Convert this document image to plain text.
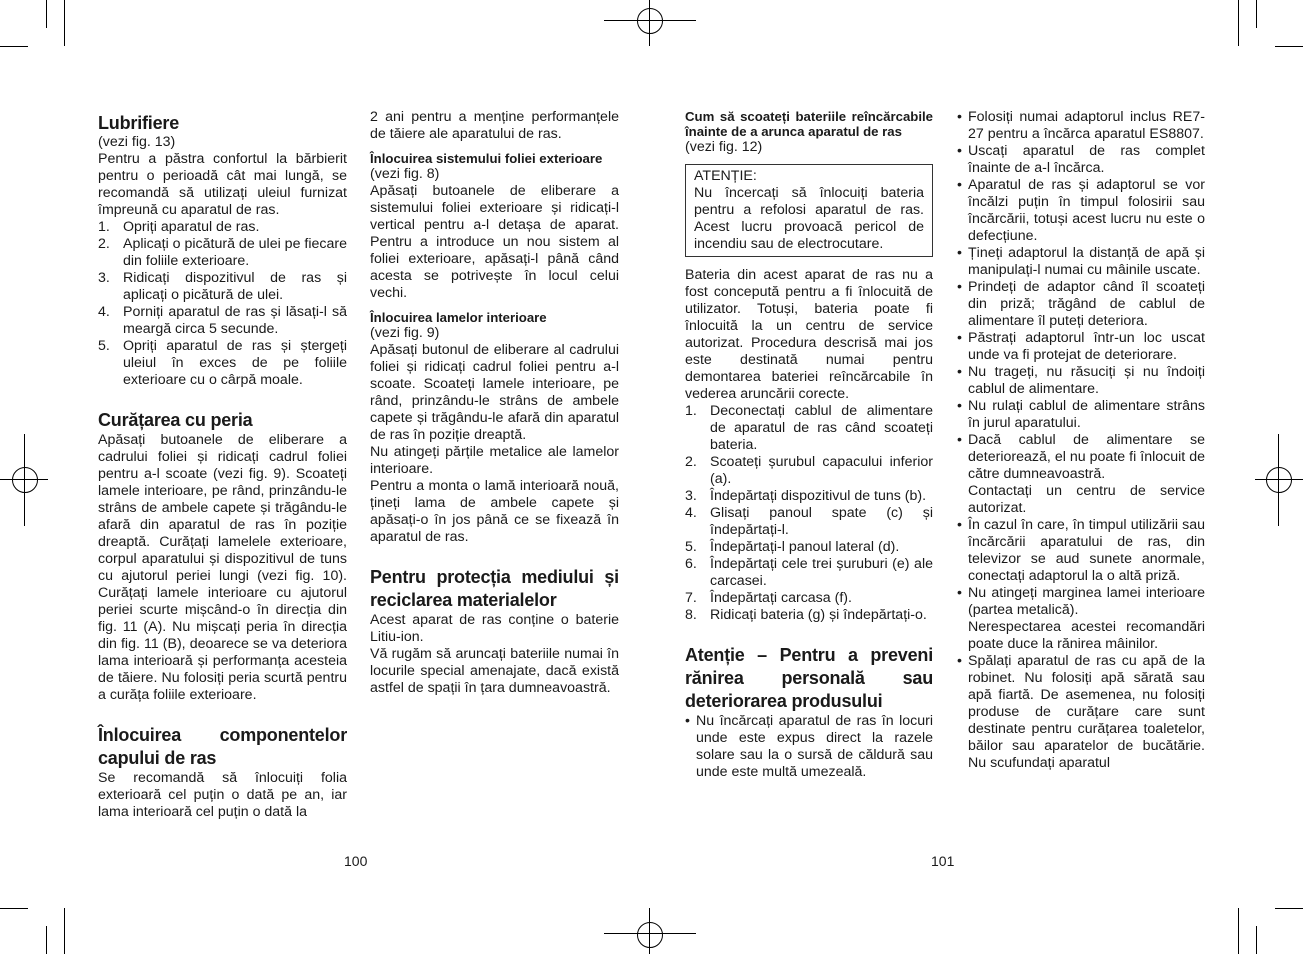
Lubrifiere

(vezi fig. 13)

Pentru a păstra confortul la bărbierit pentru o perioadă cât mai lungă, se recomandă să utilizați uleiul furnizat împreună cu aparatul de ras.

1. Opriți aparatul de ras.
2. Aplicați o picătură de ulei pe fiecare din foliile exterioare.
3. Ridicați dispozitivul de ras și aplicați o picătură de ulei.
4. Porniți aparatul de ras și lăsați-l să meargă circa 5 secunde.
5. Opriți aparatul de ras și ștergeți uleiul în exces de pe foliile exterioare cu o cârpă moale.
Curățarea cu peria

Apăsați butoanele de eliberare a cadrului foliei și ridicați cadrul foliei pentru a-l scoate (vezi fig. 9). Scoateți lamele interioare, pe rând, prinzându-le strâns de ambele capete și trăgându-le afară din aparatul de ras în poziție dreaptă. Curățați lamelele exterioare, corpul aparatului și dispozitivul de tuns cu ajutorul periei lungi (vezi fig. 10). Curățați lamele interioare cu ajutorul periei scurte mișcând-o în direcția din fig. 11 (A). Nu mișcați peria în direcția din fig. 11 (B), deoarece se va deteriora lama interioară și performanța acesteia de tăiere. Nu folosiți peria scurtă pentru a curăța foliile exterioare.

Înlocuirea componentelor capului de ras

Se recomandă să înlocuiți folia exterioară cel puțin o dată pe an, iar lama interioară cel puțin o dată la

2 ani pentru a menține performanțele de tăiere ale aparatului de ras.

Înlocuirea sistemului foliei exterioare

(vezi fig. 8)

Apăsați butoanele de eliberare a sistemului foliei exterioare și ridicați-l vertical pentru a-l detașa de aparat. Pentru a introduce un nou sistem al foliei exterioare, apăsați-l până când acesta se potrivește în locul celui vechi.

Înlocuirea lamelor interioare

(vezi fig. 9)

Apăsați butonul de eliberare al cadrului foliei și ridicați cadrul foliei pentru a-l scoate. Scoateți lamele interioare, pe rând, prinzându-le strâns de ambele capete și trăgându-le afară din aparatul de ras în poziție dreaptă.

Nu atingeți părțile metalice ale lamelor interioare.

Pentru a monta o lamă interioară nouă, țineți lama de ambele capete și apăsați-o în jos până ce se fixează în aparatul de ras.

Pentru protecția mediului și reciclarea materialelor

Acest aparat de ras conține o baterie Litiu-ion.

Vă rugăm să aruncați bateriile numai în locurile special amenajate, dacă există astfel de spații în țara dumneavoastră.

100
Cum să scoateți bateriile reîncărcabile înainte de a arunca aparatul de ras

(vezi fig. 12)

ATENȚIE:

Nu încercați să înlocuiți bateria pentru a refolosi aparatul de ras. Acest lucru provoacă pericol de incendiu sau de electrocutare.

Bateria din acest aparat de ras nu a fost concepută pentru a fi înlocuită de utilizator. Totuși, bateria poate fi înlocuită la un centru de service autorizat. Procedura descrisă mai jos este destinată numai pentru demontarea bateriei reîncărcabile în vederea aruncării corecte.

1. Deconectați cablul de alimentare de aparatul de ras când scoateți bateria.
2. Scoateți șurubul capacului inferior (a).
3. Îndepărtați dispozitivul de tuns (b).
4. Glisați panoul spate (c) și îndepărtați-l.
5. Îndepărtați-l panoul lateral (d).
6. Îndepărtați cele trei șuruburi (e) ale carcasei.
7. Îndepărtați carcasa (f).
8. Ridicați bateria (g) și îndepărtați-o.
Atenție – Pentru a preveni rănirea personală sau deteriorarea produsului
• Nu încărcați aparatul de ras în locuri unde este expus direct la razele solare sau la o sursă de căldură sau unde este multă umezeală.
• Folosiți numai adaptorul inclus RE7-27 pentru a încărca aparatul ES8807.
• Uscați aparatul de ras complet înainte de a-l încărca.
• Aparatul de ras și adaptorul se vor încălzi puțin în timpul folosirii sau încărcării, totuși acest lucru nu este o defecțiune.
• Țineți adaptorul la distanță de apă și manipulați-l numai cu mâinile uscate.
• Prindeți de adaptor când îl scoateți din priză; trăgând de cablul de alimentare îl puteți deteriora.
• Păstrați adaptorul într-un loc uscat unde va fi protejat de deteriorare.
• Nu trageți, nu răsuciți și nu îndoiți cablul de alimentare.
• Nu rulați cablul de alimentare strâns în jurul aparatului.
• Dacă cablul de alimentare se deteriorează, el nu poate fi înlocuit de către dumneavoastră.
Contactați un centru de service autorizat.
• În cazul în care, în timpul utilizării sau încărcării aparatului de ras, din televizor se aud sunete anormale, conectați adaptorul la o altă priză.
• Nu atingeți marginea lamei interioare (partea metalică).
Nerespectarea acestei recomandări poate duce la rănirea mâinilor.
• Spălați aparatul de ras cu apă de la robinet. Nu folosiți apă sărată sau apă fiartă. De asemenea, nu folosiți produse de curățare care sunt destinate pentru curățarea toaletelor, băilor sau aparatelor de bucătărie. Nu scufundați aparatul
101
